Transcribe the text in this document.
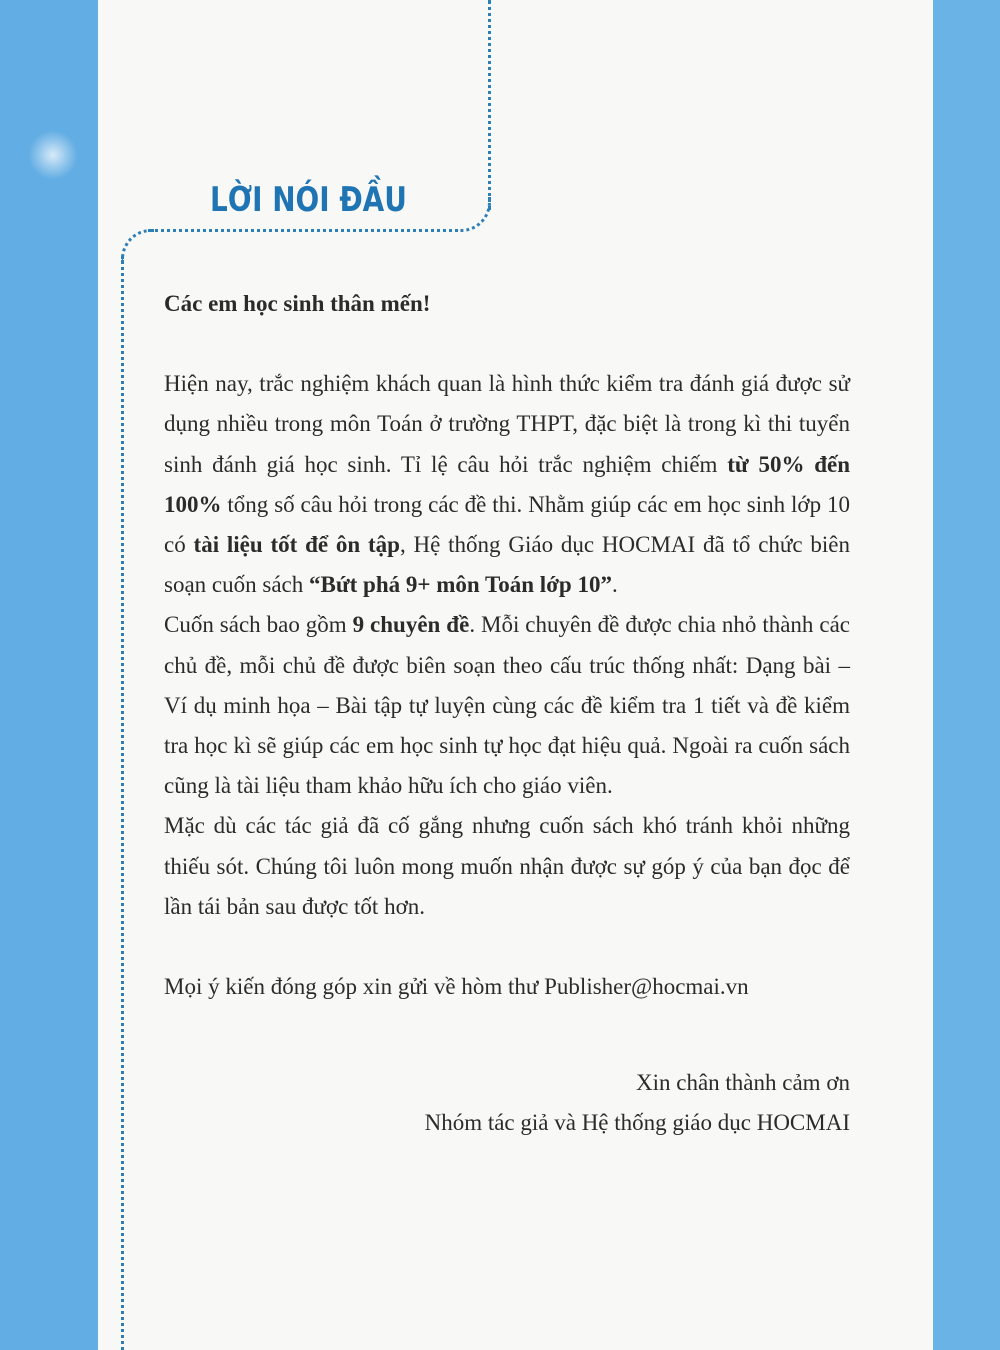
LỜI NÓI ĐẦU

Các em học sinh thân mến!

Hiện nay, trắc nghiệm khách quan là hình thức kiểm tra đánh giá được sử dụng nhiều trong môn Toán ở trường THPT, đặc biệt là trong kì thi tuyển sinh đánh giá học sinh. Tỉ lệ câu hỏi trắc nghiệm chiếm từ 50% đến 100% tổng số câu hỏi trong các đề thi. Nhằm giúp các em học sinh lớp 10 có tài liệu tốt để ôn tập, Hệ thống Giáo dục HOCMAI đã tổ chức biên soạn cuốn sách “Bứt phá 9+ môn Toán lớp 10”.

Cuốn sách bao gồm 9 chuyên đề. Mỗi chuyên đề được chia nhỏ thành các chủ đề, mỗi chủ đề được biên soạn theo cấu trúc thống nhất: Dạng bài – Ví dụ minh họa – Bài tập tự luyện cùng các đề kiểm tra 1 tiết và đề kiểm tra học kì sẽ giúp các em học sinh tự học đạt hiệu quả. Ngoài ra cuốn sách cũng là tài liệu tham khảo hữu ích cho giáo viên.

Mặc dù các tác giả đã cố gắng nhưng cuốn sách khó tránh khỏi những thiếu sót. Chúng tôi luôn mong muốn nhận được sự góp ý của bạn đọc để lần tái bản sau được tốt hơn.

Mọi ý kiến đóng góp xin gửi về hòm thư Publisher@hocmai.vn

Xin chân thành cảm ơn

Nhóm tác giả và Hệ thống giáo dục HOCMAI
